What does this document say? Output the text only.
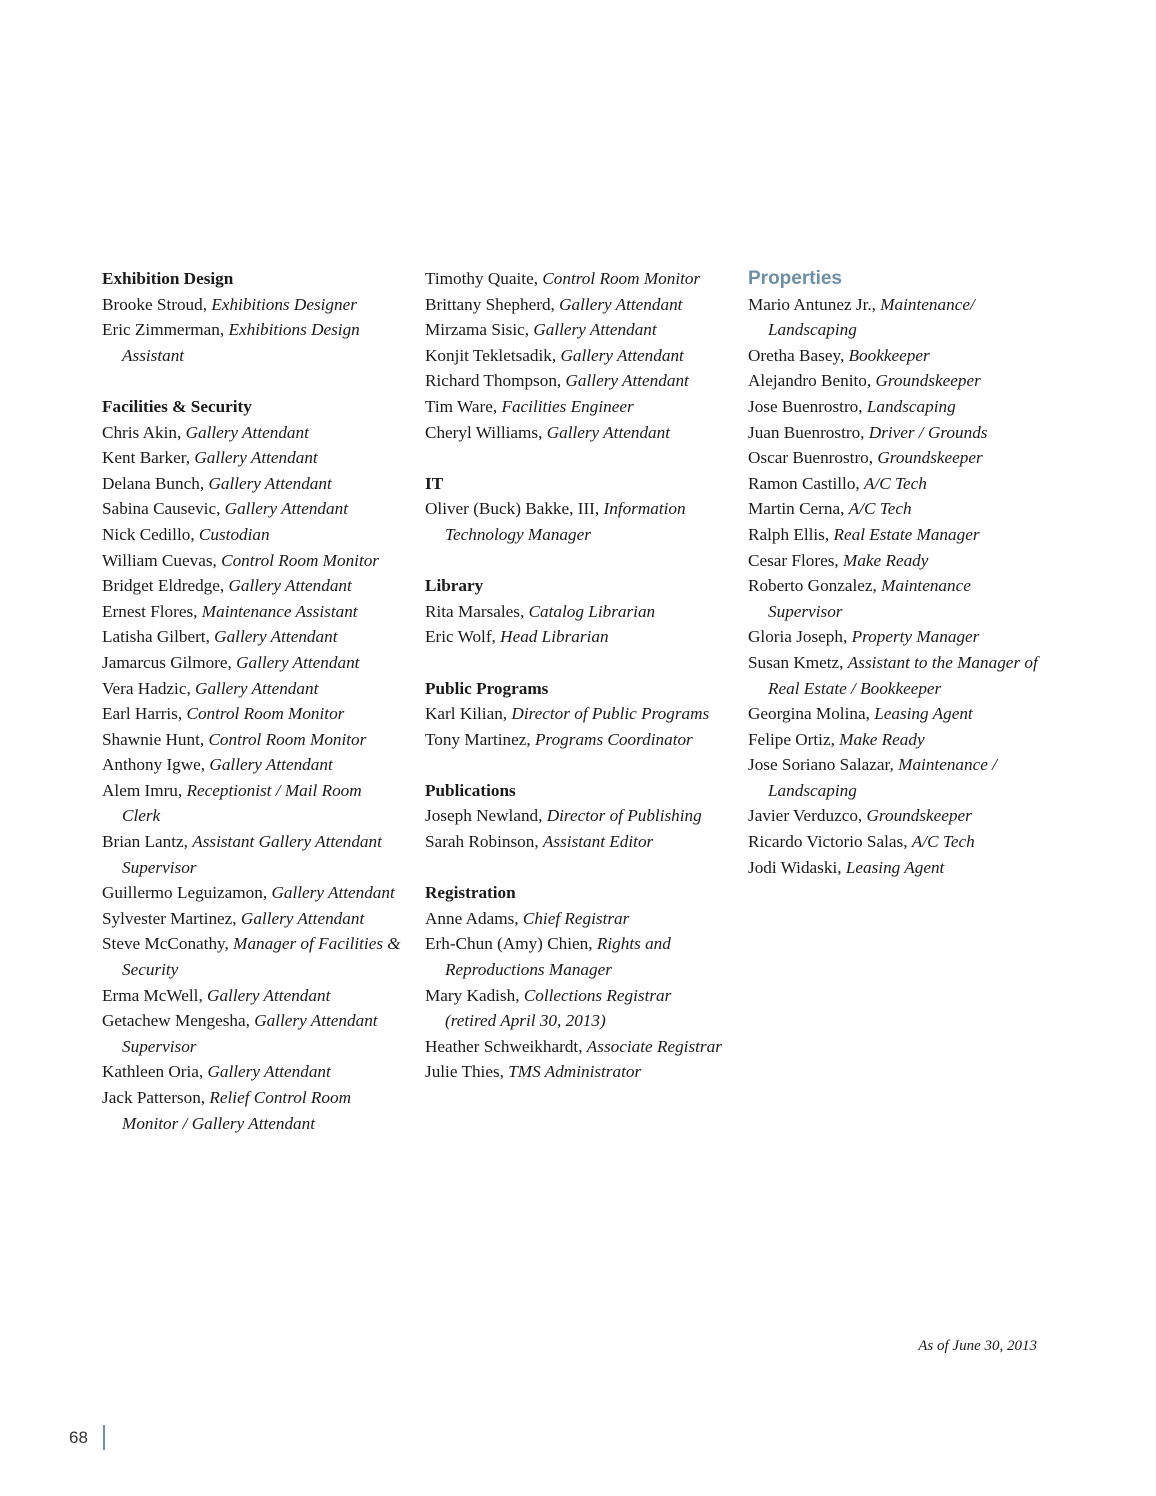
Exhibition Design

Brooke Stroud, Exhibitions Designer

Eric Zimmerman, Exhibitions Design Assistant

Facilities & Security

Chris Akin, Gallery Attendant

Kent Barker, Gallery Attendant

Delana Bunch, Gallery Attendant

Sabina Causevic, Gallery Attendant

Nick Cedillo, Custodian

William Cuevas, Control Room Monitor

Bridget Eldredge, Gallery Attendant

Ernest Flores, Maintenance Assistant

Latisha Gilbert, Gallery Attendant

Jamarcus Gilmore, Gallery Attendant

Vera Hadzic, Gallery Attendant

Earl Harris, Control Room Monitor

Shawnie Hunt, Control Room Monitor

Anthony Igwe, Gallery Attendant

Alem Imru, Receptionist / Mail Room Clerk

Brian Lantz, Assistant Gallery Attendant Supervisor

Guillermo Leguizamon, Gallery Attendant

Sylvester Martinez, Gallery Attendant

Steve McConathy, Manager of Facilities & Security

Erma McWell, Gallery Attendant

Getachew Mengesha, Gallery Attendant Supervisor

Kathleen Oria, Gallery Attendant

Jack Patterson, Relief Control Room Monitor / Gallery Attendant

Timothy Quaite, Control Room Monitor

Brittany Shepherd, Gallery Attendant

Mirzama Sisic, Gallery Attendant

Konjit Tekletsadik, Gallery Attendant

Richard Thompson, Gallery Attendant

Tim Ware, Facilities Engineer

Cheryl Williams, Gallery Attendant

IT

Oliver (Buck) Bakke, III, Information Technology Manager

Library

Rita Marsales, Catalog Librarian

Eric Wolf, Head Librarian

Public Programs

Karl Kilian, Director of Public Programs

Tony Martinez, Programs Coordinator

Publications

Joseph Newland, Director of Publishing

Sarah Robinson, Assistant Editor

Registration

Anne Adams, Chief Registrar

Erh-Chun (Amy) Chien, Rights and Reproductions Manager

Mary Kadish, Collections Registrar (retired April 30, 2013)

Heather Schweikhardt, Associate Registrar

Julie Thies, TMS Administrator

Properties

Mario Antunez Jr., Maintenance/ Landscaping

Oretha Basey, Bookkeeper

Alejandro Benito, Groundskeeper

Jose Buenrostro, Landscaping

Juan Buenrostro, Driver / Grounds

Oscar Buenrostro, Groundskeeper

Ramon Castillo, A/C Tech

Martin Cerna, A/C Tech

Ralph Ellis, Real Estate Manager

Cesar Flores, Make Ready

Roberto Gonzalez, Maintenance Supervisor

Gloria Joseph, Property Manager

Susan Kmetz, Assistant to the Manager of Real Estate / Bookkeeper

Georgina Molina, Leasing Agent

Felipe Ortiz, Make Ready

Jose Soriano Salazar, Maintenance / Landscaping

Javier Verduzco, Groundskeeper

Ricardo Victorio Salas, A/C Tech

Jodi Widaski, Leasing Agent

As of June 30, 2013
68
